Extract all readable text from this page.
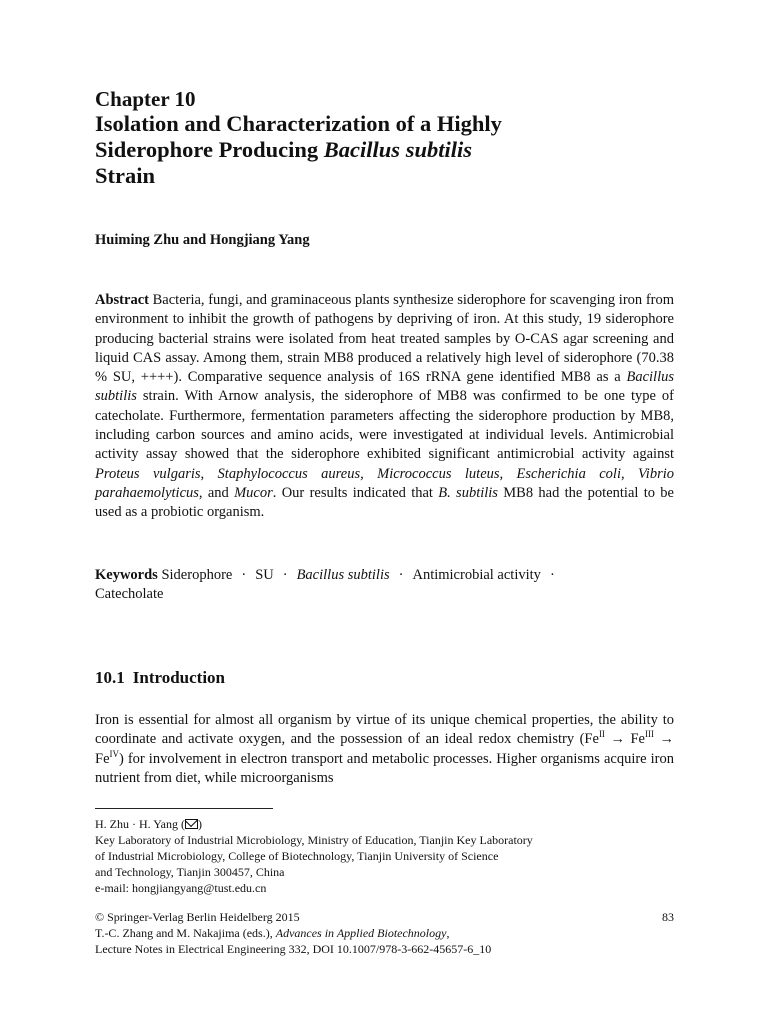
Chapter 10

Isolation and Characterization of a Highly
Siderophore Producing Bacillus subtilis
Strain
Huiming Zhu and Hongjiang Yang

Abstract Bacteria, fungi, and graminaceous plants synthesize siderophore for scavenging iron from environment to inhibit the growth of pathogens by depriving of iron. At this study, 19 siderophore producing bacterial strains were isolated from heat treated samples by O-CAS agar screening and liquid CAS assay. Among them, strain MB8 produced a relatively high level of siderophore (70.38 % SU, ++++). Comparative sequence analysis of 16S rRNA gene identified MB8 as a Bacillus subtilis strain. With Arnow analysis, the siderophore of MB8 was confirmed to be one type of catecholate. Furthermore, fermentation parameters affecting the siderophore production by MB8, including carbon sources and amino acids, were investigated at individual levels. Antimicrobial activity assay showed that the siderophore exhibited significant antimicrobial activity against Proteus vulgaris, Staphylococcus aureus, Micrococcus luteus, Escherichia coli, Vibrio parahaemolyticus, and Mucor. Our results indicated that B. subtilis MB8 had the potential to be used as a probiotic organism.

Keywords Siderophore · SU · Bacillus subtilis · Antimicrobial activity ·
Catecholate

10.1 Introduction

Iron is essential for almost all organism by virtue of its unique chemical properties, the ability to coordinate and activate oxygen, and the possession of an ideal redox chemistry $(Fe^{II} \to Fe^{III} \to Fe^{IV})$ for involvement in electron transport and metabolic processes. Higher organisms acquire iron nutrient from diet, while microorganisms

H. Zhu · H. Yang ( )
Key Laboratory of Industrial Microbiology, Ministry of Education, Tianjin Key Laboratory
of Industrial Microbiology, College of Biotechnology, Tianjin University of Science
and Technology, Tianjin 300457, China
e-mail: hongjiangyang@tust.edu.cn
© Springer-Verlag Berlin Heidelberg 2015
T.-C. Zhang and M. Nakajima (eds.), Advances in Applied Biotechnology,
Lecture Notes in Electrical Engineering 332, DOI 10.1007/978-3-662-45657-6_10
83
